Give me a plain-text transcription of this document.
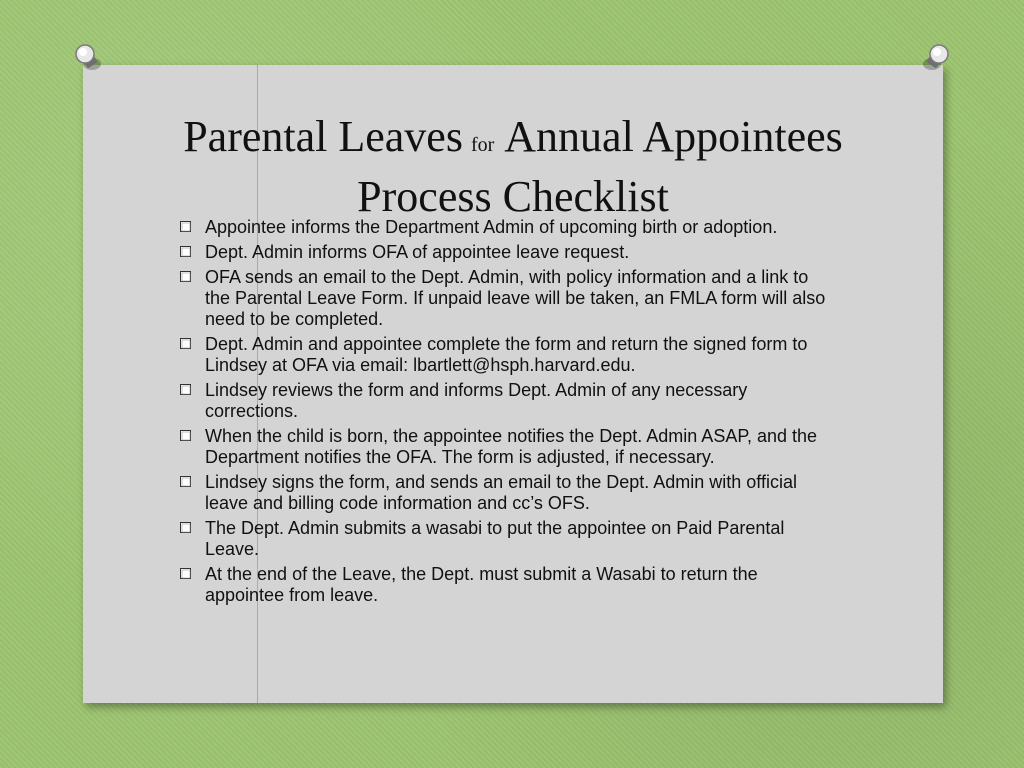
Parental Leaves for Annual Appointees
Process Checklist
Appointee informs the Department Admin of upcoming birth or adoption.
Dept. Admin informs OFA of appointee leave request.
OFA sends an email to the Dept. Admin, with policy information and a link to the Parental Leave Form. If unpaid leave will be taken, an FMLA form will also need to be completed.
Dept. Admin and appointee complete the form and return the signed form to Lindsey at OFA via email: lbartlett@hsph.harvard.edu.
Lindsey reviews the form and informs Dept. Admin of any necessary corrections.
When the child is born, the appointee notifies the Dept. Admin ASAP, and the Department notifies the OFA. The form is adjusted, if necessary.
Lindsey signs the form, and sends an email to the Dept. Admin with official leave and billing code information and cc’s OFS.
The Dept. Admin submits a wasabi to put the appointee on Paid Parental Leave.
At the end of the Leave, the Dept. must submit a Wasabi to return the appointee from leave.
